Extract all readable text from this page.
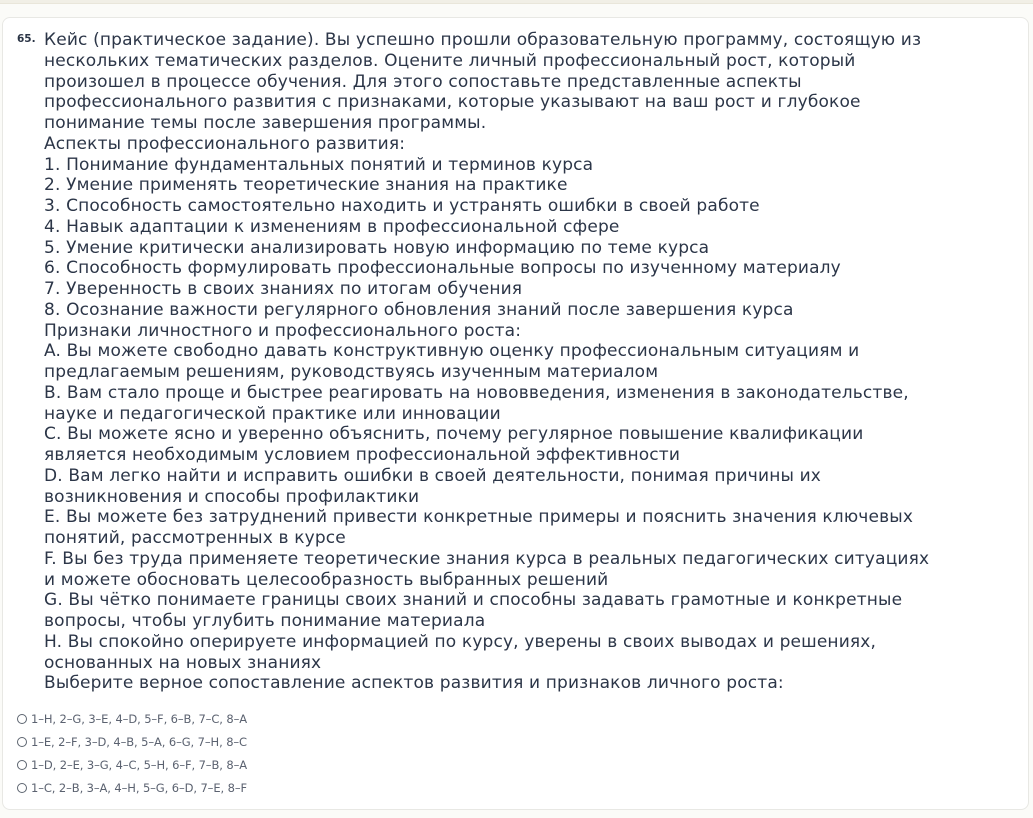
65. Кейс (практическое задание). Вы успешно прошли образовательную программу, состоящую из
нескольких тематических разделов. Оцените личный профессиональный рост, который
произошел в процессе обучения. Для этого сопоставьте представленные аспекты
профессионального развития с признаками, которые указывают на ваш рост и глубокое
понимание темы после завершения программы.
Аспекты профессионального развития:
1. Понимание фундаментальных понятий и терминов курса
2. Умение применять теоретические знания на практике
3. Способность самостоятельно находить и устранять ошибки в своей работе
4. Навык адаптации к изменениям в профессиональной сфере
5. Умение критически анализировать новую информацию по теме курса
6. Способность формулировать профессиональные вопросы по изученному материалу
7. Уверенность в своих знаниях по итогам обучения
8. Осознание важности регулярного обновления знаний после завершения курса
Признаки личностного и профессионального роста:
A. Вы можете свободно давать конструктивную оценку профессиональным ситуациям и
предлагаемым решениям, руководствуясь изученным материалом
B. Вам стало проще и быстрее реагировать на нововведения, изменения в законодательстве,
науке и педагогической практике или инновации
C. Вы можете ясно и уверенно объяснить, почему регулярное повышение квалификации
является необходимым условием профессиональной эффективности
D. Вам легко найти и исправить ошибки в своей деятельности, понимая причины их
возникновения и способы профилактики
E. Вы можете без затруднений привести конкретные примеры и пояснить значения ключевых
понятий, рассмотренных в курсе
F. Вы без труда применяете теоретические знания курса в реальных педагогических ситуациях
и можете обосновать целесообразность выбранных решений
G. Вы чётко понимаете границы своих знаний и способны задавать грамотные и конкретные
вопросы, чтобы углубить понимание материала
H. Вы спокойно оперируете информацией по курсу, уверены в своих выводах и решениях,
основанных на новых знаниях
Выберите верное сопоставление аспектов развития и признаков личного роста:
1–H, 2–G, 3–E, 4–D, 5–F, 6–B, 7–C, 8–A
1–E, 2–F, 3–D, 4–B, 5–A, 6–G, 7–H, 8–C
1–D, 2–E, 3–G, 4–C, 5–H, 6–F, 7–B, 8–A
1–C, 2–B, 3–A, 4–H, 5–G, 6–D, 7–E, 8–F
